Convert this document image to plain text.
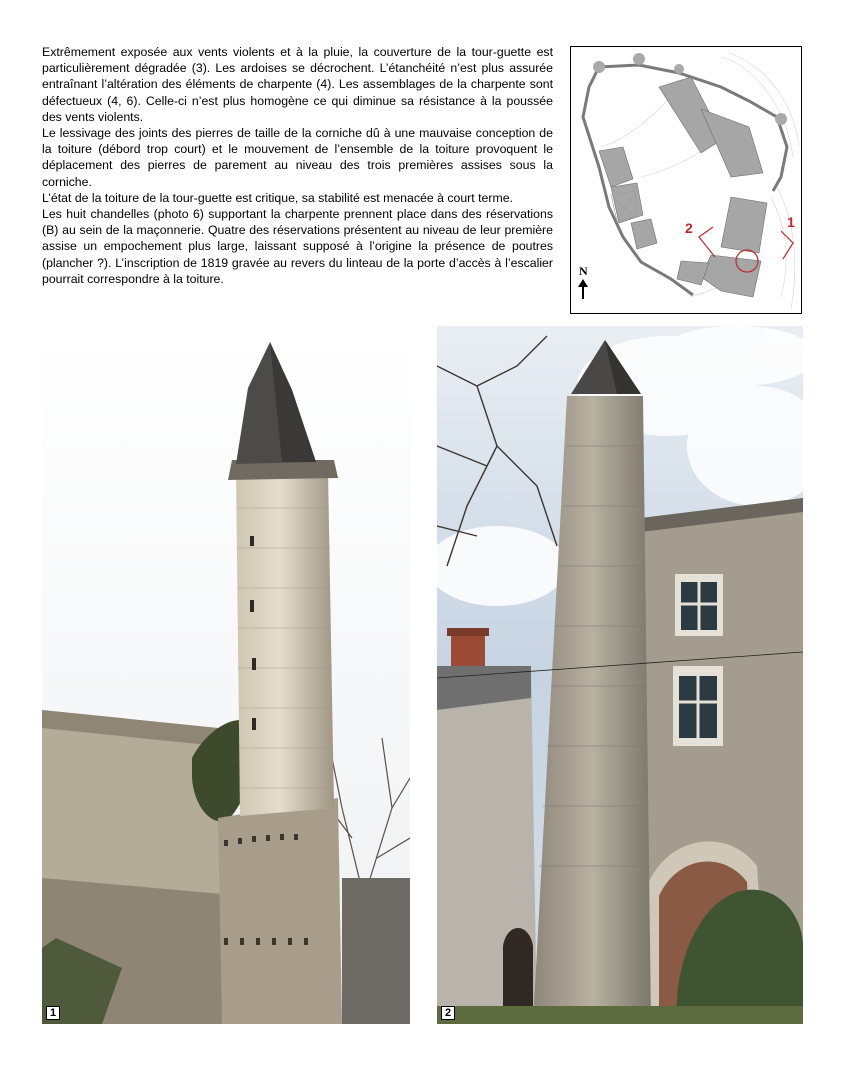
Extrêmement exposée aux vents violents et à la pluie, la couverture de la tour-guette est particulièrement dégradée (3). Les ardoises se décrochent. L’étanchéité n’est plus assurée entraînant l’altération des éléments de charpente (4). Les assemblages de la charpente sont défectueux (4, 6). Celle-ci n’est plus homogène ce qui diminue sa résistance à la poussée des vents violents.

Le lessivage des joints des pierres de taille de la corniche dû à une mauvaise conception de la toiture (débord trop court) et le mouvement de l’ensemble de la toiture provoquent le déplacement des pierres de parement au niveau des trois premières assises sous la corniche.

L’état de la toiture de la tour-guette est critique, sa stabilité est menacée à court terme.

Les huit chandelles (photo 6) supportant la charpente prennent place dans des réservations (B) au sein de la maçonnerie. Quatre des réservations présentent au niveau de leur première assise un empochement plus large, laissant supposé à l’origine la présence de poutres (plancher ?). L’inscription de 1819 gravée au revers du linteau de la porte d’accès à l’escalier pourrait correspondre à la toiture.

2	1
N
1	2
